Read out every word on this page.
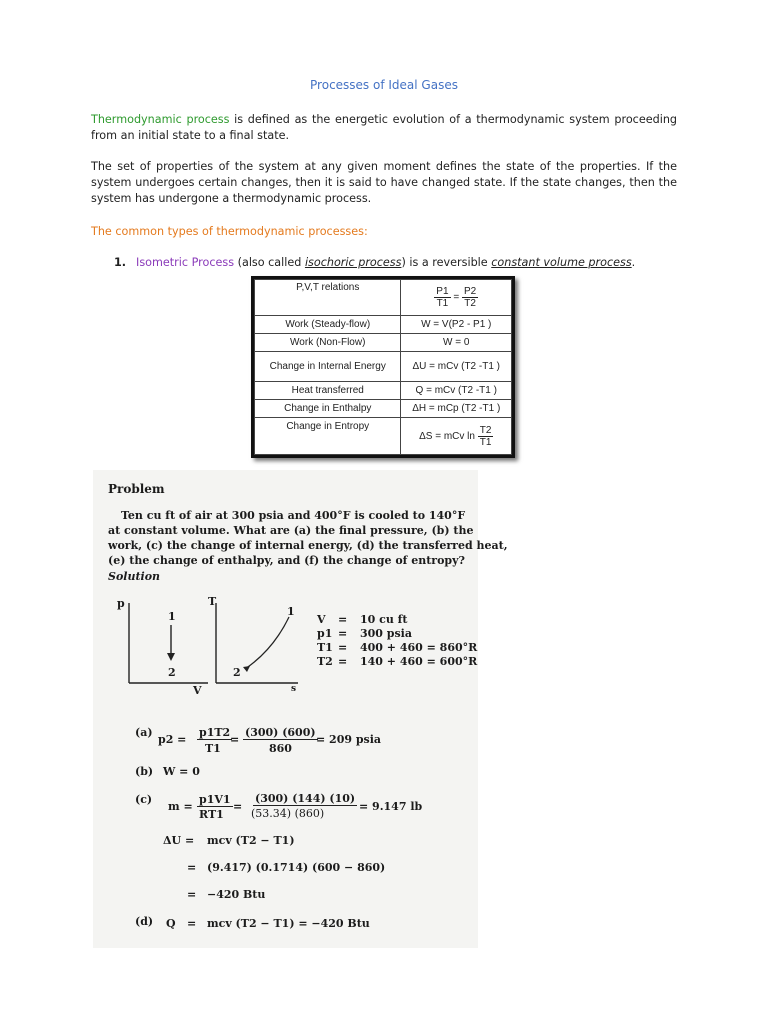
Processes of Ideal Gases
Thermodynamic process is defined as the energetic evolution of a thermodynamic system proceeding from an initial state to a final state.
The set of properties of the system at any given moment defines the state of the properties. If the system undergoes certain changes, then it is said to have changed state. If the state changes, then the system has undergone a thermodynamic process.
The common types of thermodynamic processes:
1. Isometric Process (also called isochoric process) is a reversible constant volume process.
P,V,T relations	$\frac{P1}{T1} = \frac{P2}{T2}$

Work (Steady-flow)	W = V(P2 - P1 )
Work (Non-Flow)	W = 0
Change in Internal Energy	ΔU = mCv (T2 -T1 )
Heat transferred	Q = mCv (T2 -T1 )
Change in Enthalpy	ΔH = mCp (T2 -T1 )
Change in Entropy	ΔS = mCv $\ln \frac{T2}{T1}$
Problem
Ten cu ft of air at 300 psia and 400°F is cooled to 140°F
at constant volume. What are (a) the final pressure, (b) the
work, (c) the change of internal energy, (d) the transferred heat,
(e) the change of enthalpy, and (f) the change of entropy?
Solution
p
1
2
V
T
1
2
s
V = 10 cu ft
p1 = 300 psia
T1 = 400 + 460 = 860°R
T2 = 140 + 460 = 600°R
(a)
p2 =
p1T2
T1
=
(300) (600)
860
= 209 psia
(b) W = 0
(c)
m =
p1V1
RT1
=
(300) (144) (10)
(53.34) (860)
= 9.147 lb
ΔU = mcv (T2 − T1)
= (9.417) (0.1714) (600 − 860)
= −420 Btu
(d) Q = mcv (T2 − T1) = −420 Btu
